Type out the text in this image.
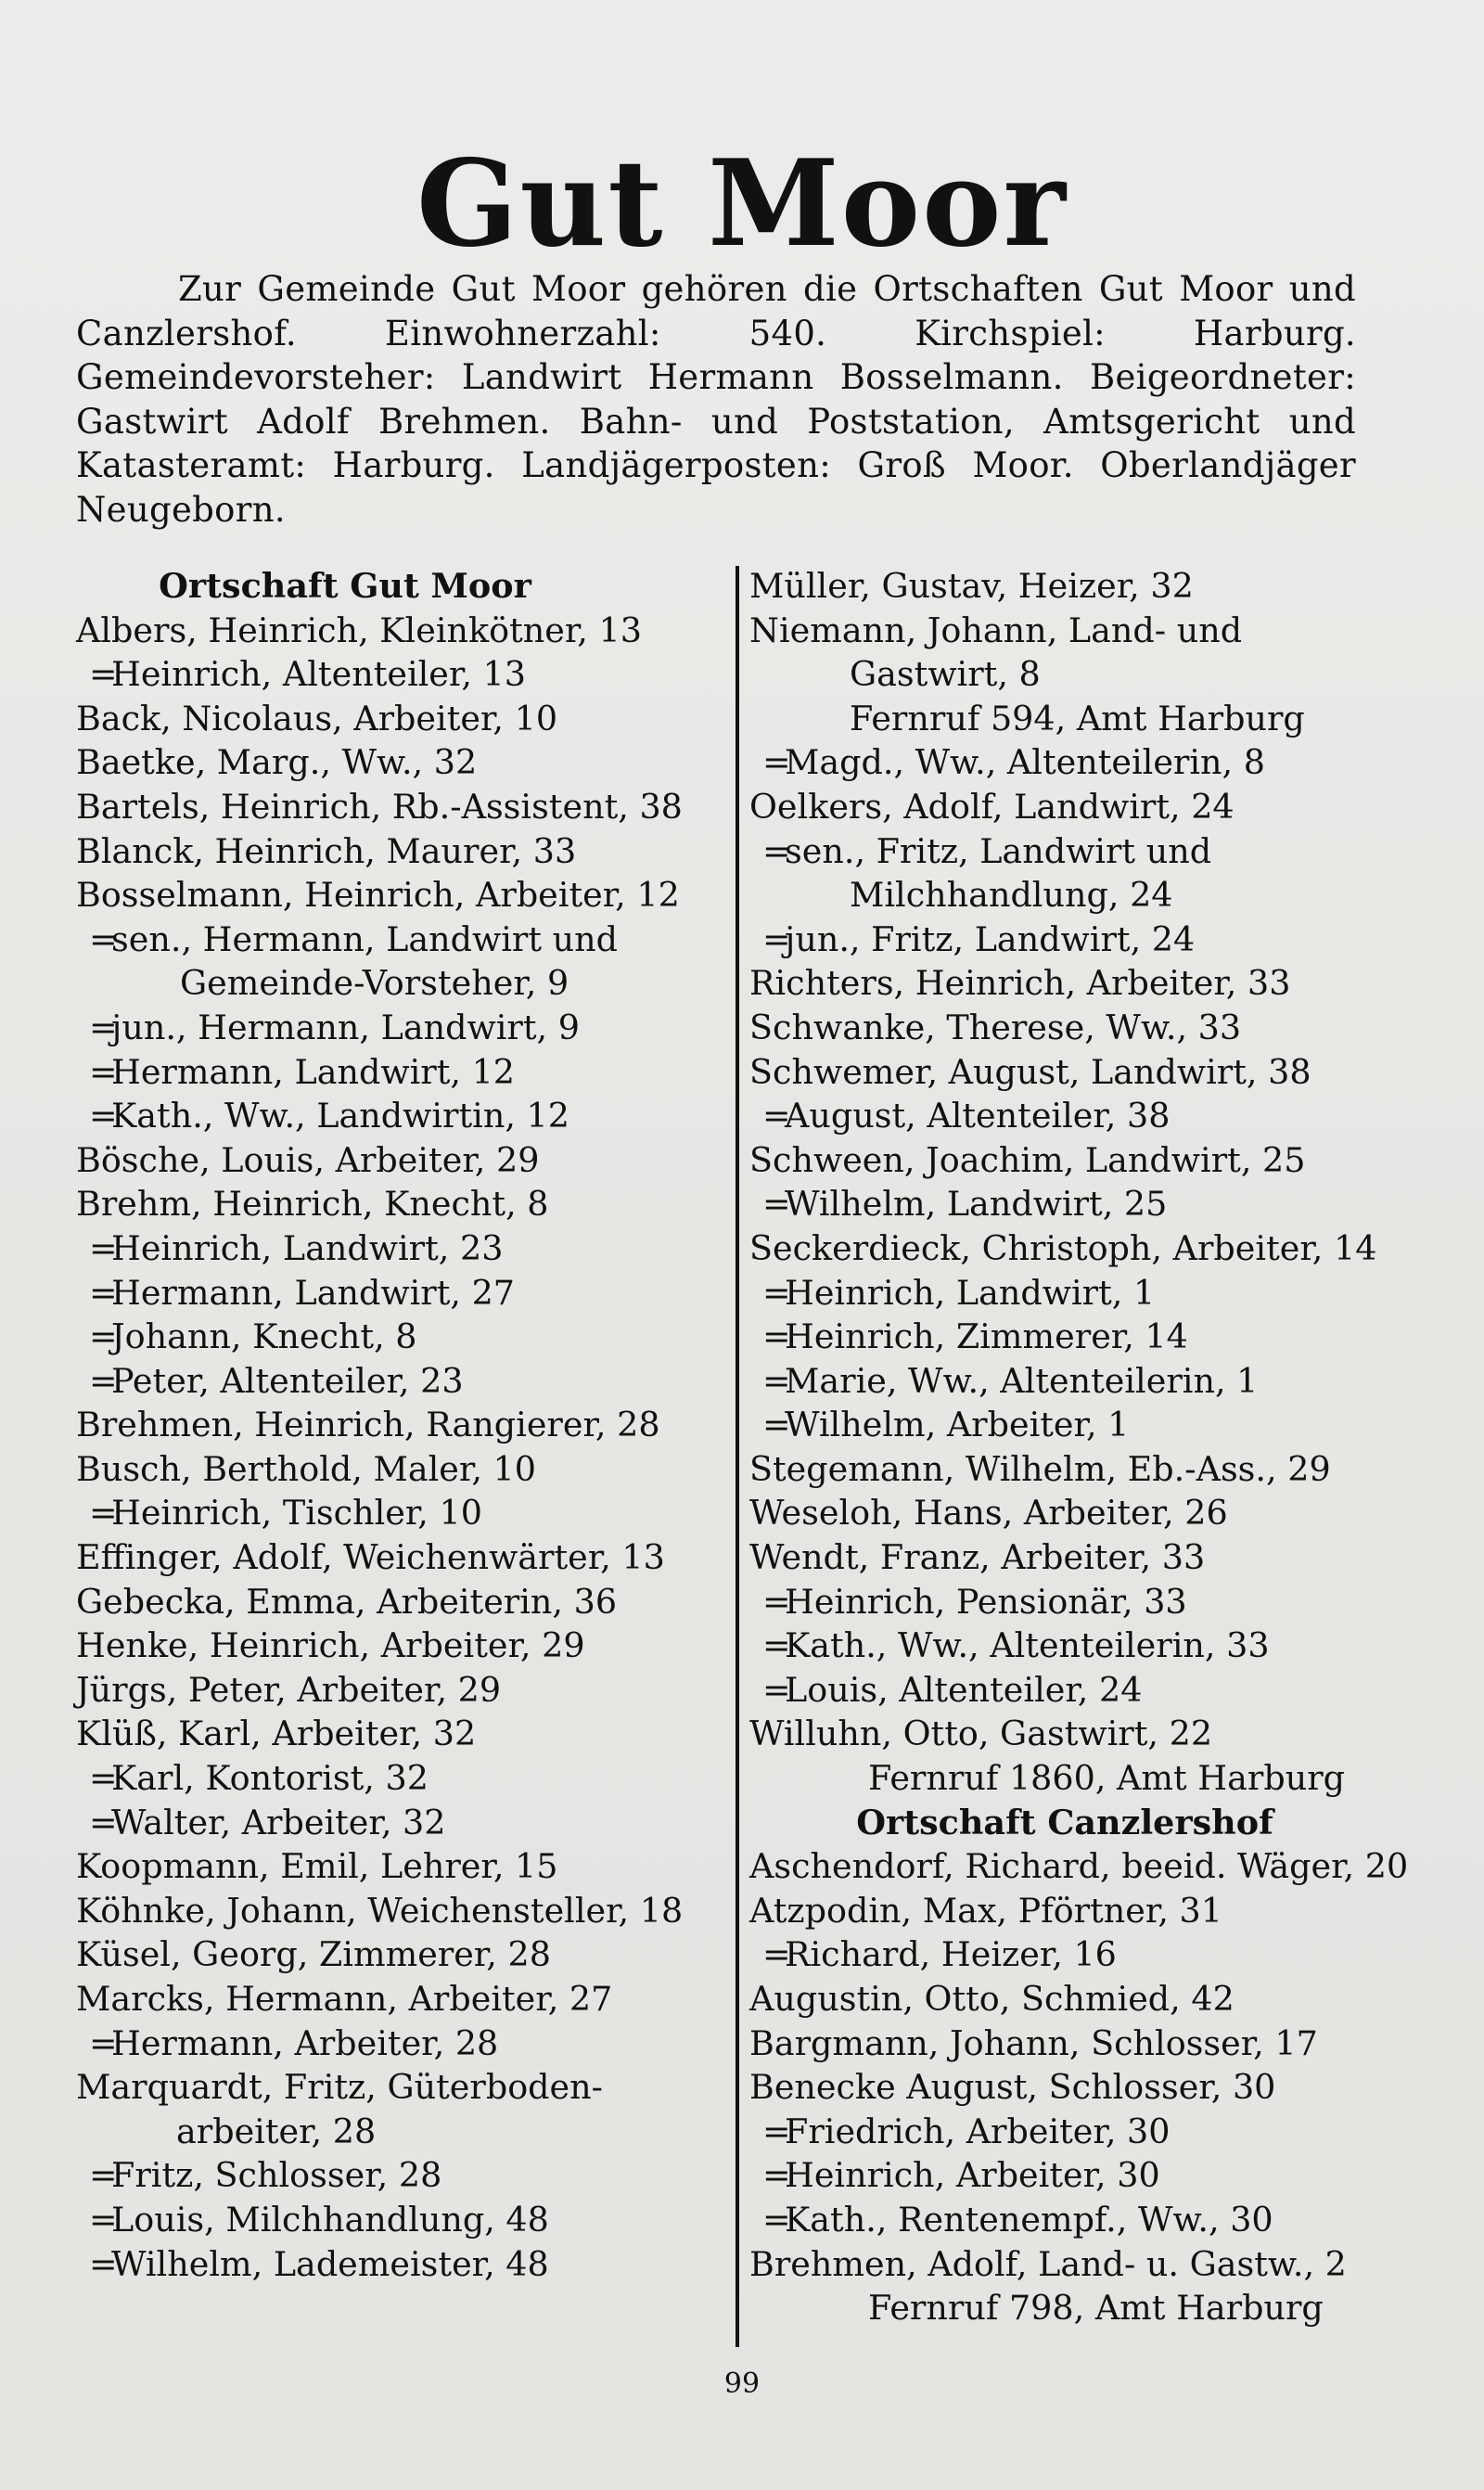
Gut Moor
Zur Gemeinde Gut Moor gehören die Ortschaften Gut Moor und Canzlershof. Einwohnerzahl: 540. Kirchspiel: Harburg. Gemeindevorsteher: Landwirt Hermann Bosselmann. Beigeordneter: Gastwirt Adolf Brehmen. Bahn- und Poststation, Amtsgericht und Katasteramt: Harburg. Landjägerposten: Groß Moor. Oberlandjäger Neugeborn.
Ortschaft Gut Moor
Albers, Heinrich, Kleinkötner, 13
=Heinrich, Altenteiler, 13
Back, Nicolaus, Arbeiter, 10
Baetke, Marg., Ww., 32
Bartels, Heinrich, Rb.-Assistent, 38
Blanck, Heinrich, Maurer, 33
Bosselmann, Heinrich, Arbeiter, 12
=sen., Hermann, Landwirt und
Gemeinde-Vorsteher, 9
=jun., Hermann, Landwirt, 9
=Hermann, Landwirt, 12
=Kath., Ww., Landwirtin, 12
Bösche, Louis, Arbeiter, 29
Brehm, Heinrich, Knecht, 8
=Heinrich, Landwirt, 23
=Hermann, Landwirt, 27
=Johann, Knecht, 8
=Peter, Altenteiler, 23
Brehmen, Heinrich, Rangierer, 28
Busch, Berthold, Maler, 10
=Heinrich, Tischler, 10
Effinger, Adolf, Weichenwärter, 13
Gebecka, Emma, Arbeiterin, 36
Henke, Heinrich, Arbeiter, 29
Jürgs, Peter, Arbeiter, 29
Klüß, Karl, Arbeiter, 32
=Karl, Kontorist, 32
=Walter, Arbeiter, 32
Koopmann, Emil, Lehrer, 15
Köhnke, Johann, Weichensteller, 18
Küsel, Georg, Zimmerer, 28
Marcks, Hermann, Arbeiter, 27
=Hermann, Arbeiter, 28
Marquardt, Fritz, Güterboden-
arbeiter, 28
=Fritz, Schlosser, 28
=Louis, Milchhandlung, 48
=Wilhelm, Lademeister, 48
Müller, Gustav, Heizer, 32
Niemann, Johann, Land- und
Gastwirt, 8
Fernruf 594, Amt Harburg
=Magd., Ww., Altenteilerin, 8
Oelkers, Adolf, Landwirt, 24
=sen., Fritz, Landwirt und
Milchhandlung, 24
=jun., Fritz, Landwirt, 24
Richters, Heinrich, Arbeiter, 33
Schwanke, Therese, Ww., 33
Schwemer, August, Landwirt, 38
=August, Altenteiler, 38
Schween, Joachim, Landwirt, 25
=Wilhelm, Landwirt, 25
Seckerdieck, Christoph, Arbeiter, 14
=Heinrich, Landwirt, 1
=Heinrich, Zimmerer, 14
=Marie, Ww., Altenteilerin, 1
=Wilhelm, Arbeiter, 1
Stegemann, Wilhelm, Eb.-Ass., 29
Weseloh, Hans, Arbeiter, 26
Wendt, Franz, Arbeiter, 33
=Heinrich, Pensionär, 33
=Kath., Ww., Altenteilerin, 33
=Louis, Altenteiler, 24
Willuhn, Otto, Gastwirt, 22
Fernruf 1860, Amt Harburg
Ortschaft Canzlershof
Aschendorf, Richard, beeid. Wäger, 20
Atzpodin, Max, Pförtner, 31
=Richard, Heizer, 16
Augustin, Otto, Schmied, 42
Bargmann, Johann, Schlosser, 17
Benecke August, Schlosser, 30
=Friedrich, Arbeiter, 30
=Heinrich, Arbeiter, 30
=Kath., Rentenempf., Ww., 30
Brehmen, Adolf, Land- u. Gastw., 2
Fernruf 798, Amt Harburg
99
